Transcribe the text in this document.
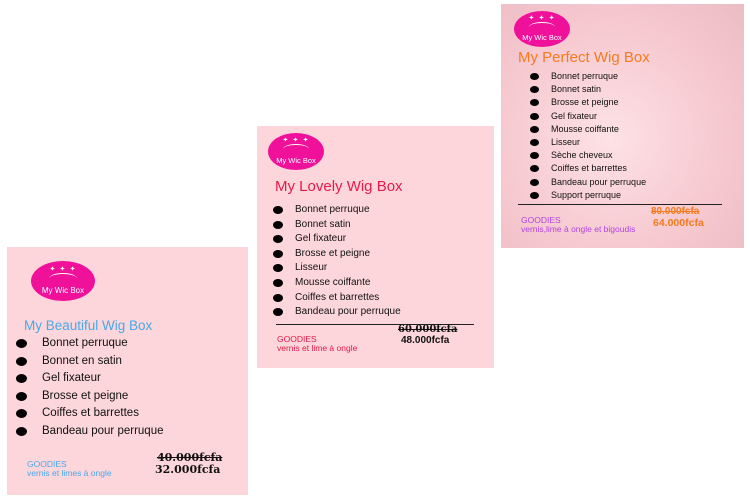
✦ ✦ ✦
My Wic Box
My Beautiful Wig Box
Bonnet perruque
Bonnet en satin
Gel fixateur
Brosse et peigne
Coiffes et barrettes
Bandeau pour perruque
GOODIES
vernis et limes à ongle
40.000fcfa
32.000fcfa
✦ ✦ ✦
My Wic Box
My Lovely Wig Box
Bonnet perruque
Bonnet satin
Gel fixateur
Brosse et peigne
Lisseur
Mousse coiffante
Coiffes et barrettes
Bandeau pour perruque
GOODIES
vernis et lime à ongle
60.000fcfa
48.000fcfa
✦ ✦ ✦
My Wic Box
My Perfect Wig Box
Bonnet perruque
Bonnet satin
Brosse et peigne
Gel fixateur
Mousse coiffante
Lisseur
Sèche cheveux
Coiffes et barrettes
Bandeau pour perruque
Support perruque
GOODIES
vernis,lime à ongle et bigoudis
80.000fcfa
64.000fcfa
